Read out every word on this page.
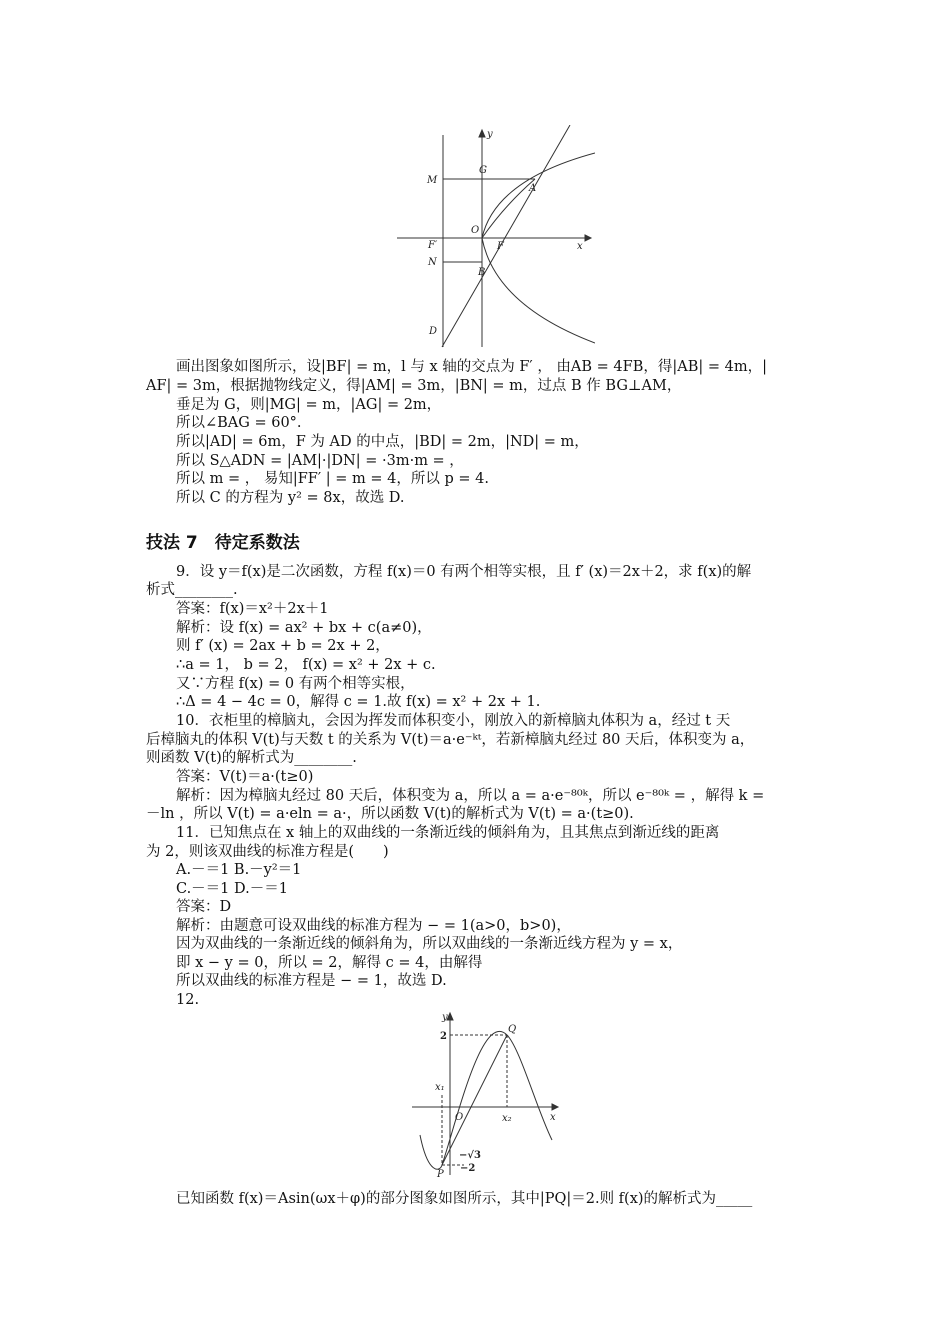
y
x
M
G
A
O
F′	F
N
B
D
画出图象如图所示，设|BF| = m，l 与 x 轴的交点为 F′ ， 由AB = 4FB，得|AB| = 4m，|
AF| = 3m，根据抛物线定义，得|AM| = 3m，|BN| = m，过点 B 作 BG⊥AM，
垂足为 G，则|MG| = m，|AG| = 2m，
所以∠BAG = 60°.
所以|AD| = 6m，F 为 AD 的中点，|BD| = 2m，|ND| = m，
所以 S△ADN = |AM|·|DN| = ·3m·m = ，
所以 m = ， 易知|FF′ | = m = 4，所以 p = 4.
所以 C 的方程为 y² = 8x，故选 D.
技法 7　待定系数法
9．设 y＝f(x)是二次函数，方程 f(x)＝0 有两个相等实根，且 f′ (x)＝2x＋2，求 f(x)的解
析式________.
答案：f(x)＝x²＋2x＋1
解析：设 f(x) = ax² + bx + c(a≠0)，
则 f′ (x) = 2ax + b = 2x + 2，
∴a = 1， b = 2， f(x) = x² + 2x + c.
又∵方程 f(x) = 0 有两个相等实根，
∴Δ = 4 − 4c = 0，解得 c = 1.故 f(x) = x² + 2x + 1.
10．衣柜里的樟脑丸，会因为挥发而体积变小，刚放入的新樟脑丸体积为 a，经过 t 天
后樟脑丸的体积 V(t)与天数 t 的关系为 V(t)＝a·e⁻ᵏᵗ，若新樟脑丸经过 80 天后，体积变为 a，
则函数 V(t)的解析式为________.
答案：V(t)＝a·(t≥0)
解析：因为樟脑丸经过 80 天后，体积变为 a，所以 a = a·e⁻⁸⁰ᵏ，所以 e⁻⁸⁰ᵏ = ，解得 k =
－ln ，所以 V(t) = a·eln = a·，所以函数 V(t)的解析式为 V(t) = a·(t≥0).
11．已知焦点在 x 轴上的双曲线的一条渐近线的倾斜角为，且其焦点到渐近线的距离
为 2，则该双曲线的标准方程是(　　)
A.－＝1 B.－y²＝1
C.－＝1 D.－＝1
答案：D
解析：由题意可设双曲线的标准方程为 − = 1(a>0，b>0)，
因为双曲线的一条渐近线的倾斜角为，所以双曲线的一条渐近线方程为 y = x，
即 x − y = 0，所以 = 2，解得 c = 4，由解得
所以双曲线的标准方程是 − = 1，故选 D.
12.
y
2
Q
x₁
O	x₂	x
−√3
−2
P
已知函数 f(x)＝Asin(ωx＋φ)的部分图象如图所示，其中|PQ|＝2.则 f(x)的解析式为_____
